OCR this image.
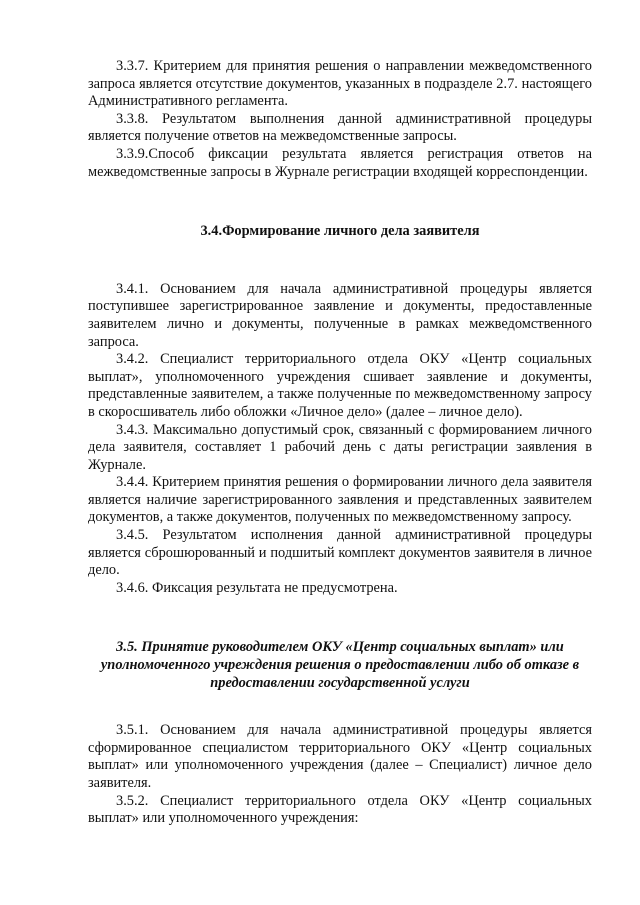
3.3.7. Критерием для принятия решения о направлении межведомственного запроса является отсутствие документов, указанных в подразделе 2.7. настоящего Административного регламента.

3.3.8. Результатом выполнения данной административной процедуры является получение ответов на межведомственные запросы.

3.3.9.Способ фиксации результата является регистрация ответов на межведомственные запросы в Журнале регистрации входящей корреспонденции.

3.4.Формирование личного дела заявителя

3.4.1. Основанием для начала административной процедуры является поступившее зарегистрированное заявление и документы, предоставленные заявителем лично и документы, полученные в рамках межведомственного запроса.

3.4.2. Специалист территориального отдела ОКУ «Центр социальных выплат», уполномоченного учреждения сшивает заявление и документы, представленные заявителем, а также полученные по межведомственному запросу в скоросшиватель либо обложки «Личное дело» (далее – личное дело).

3.4.3. Максимально допустимый срок, связанный с формированием личного дела заявителя, составляет 1 рабочий день с даты регистрации заявления в Журнале.

3.4.4. Критерием принятия решения о формировании личного дела заявителя является наличие зарегистрированного заявления и представленных заявителем документов, а также документов, полученных по межведомственному запросу.

3.4.5. Результатом исполнения данной административной процедуры является сброшюрованный и подшитый комплект документов заявителя в личное дело.

3.4.6. Фиксация результата не предусмотрена.

3.5. Принятие руководителем ОКУ «Центр социальных выплат» или уполномоченного учреждения решения о предоставлении либо об отказе в предоставлении государственной услуги

3.5.1. Основанием для начала административной процедуры является сформированное специалистом территориального ОКУ «Центр социальных выплат» или уполномоченного учреждения (далее – Специалист) личное дело заявителя.

3.5.2. Специалист территориального отдела ОКУ «Центр социальных выплат» или уполномоченного учреждения:
